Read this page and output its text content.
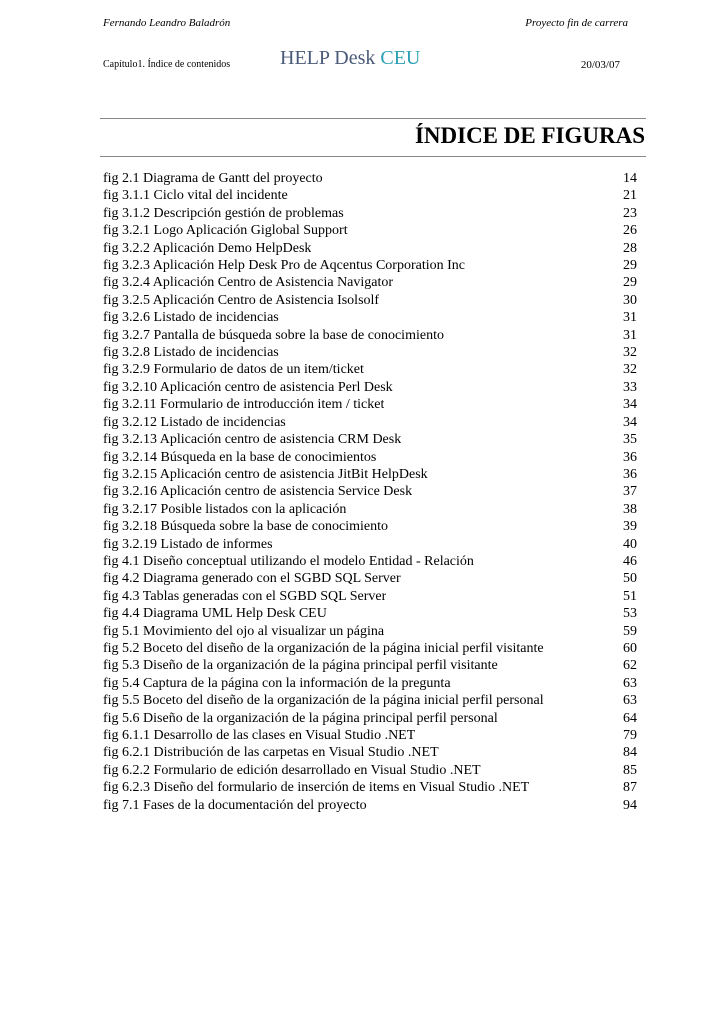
Fernando Leandro Baladrón
Capítulo1. Índice de contenidos HELP Desk CEU
Proyecto fin de carrera
20/03/07
ÍNDICE DE FIGURAS
fig 2.1 Diagrama de Gantt del proyecto	14
fig 3.1.1 Ciclo vital del incidente	21
fig 3.1.2 Descripción gestión de problemas	23
fig 3.2.1 Logo Aplicación Giglobal Support	26
fig 3.2.2 Aplicación Demo HelpDesk	28
fig 3.2.3 Aplicación Help Desk Pro de Aqcentus Corporation Inc	29
fig 3.2.4 Aplicación Centro de Asistencia Navigator	29
fig 3.2.5 Aplicación Centro de Asistencia Isolsolf	30
fig 3.2.6 Listado de incidencias	31
fig 3.2.7 Pantalla de búsqueda sobre la base de conocimiento	31
fig 3.2.8 Listado de incidencias	32
fig 3.2.9 Formulario de datos de un item/ticket	32
fig 3.2.10 Aplicación centro de asistencia Perl Desk	33
fig 3.2.11 Formulario de introducción item / ticket	34
fig 3.2.12 Listado de incidencias	34
fig 3.2.13 Aplicación centro de asistencia CRM Desk	35
fig 3.2.14 Búsqueda en la base de conocimientos	36
fig 3.2.15 Aplicación centro de asistencia JitBit HelpDesk	36
fig 3.2.16 Aplicación centro de asistencia Service Desk	37
fig 3.2.17 Posible listados con la aplicación	38
fig 3.2.18 Búsqueda sobre la base de conocimiento	39
fig 3.2.19 Listado de informes	40
fig 4.1 Diseño conceptual utilizando el modelo Entidad - Relación	46
fig 4.2 Diagrama generado con el SGBD SQL Server	50
fig 4.3 Tablas generadas con el SGBD SQL Server	51
fig 4.4 Diagrama UML Help Desk CEU	53
fig 5.1 Movimiento del ojo al visualizar un página	59
fig 5.2 Boceto del diseño de la organización de la página inicial perfil visitante	60
fig 5.3 Diseño de la organización de la página principal perfil visitante	62
fig 5.4 Captura de la página con la información de la pregunta	63
fig 5.5 Boceto del diseño de la organización de la página inicial perfil personal	63
fig 5.6 Diseño de la organización de la página principal perfil personal	64
fig 6.1.1 Desarrollo de las clases en Visual Studio .NET	79
fig 6.2.1 Distribución de las carpetas en Visual Studio .NET	84
fig 6.2.2 Formulario de edición desarrollado en Visual Studio .NET	85
fig 6.2.3 Diseño del formulario de inserción de items en Visual Studio .NET	87
fig 7.1 Fases de la documentación del proyecto	94
